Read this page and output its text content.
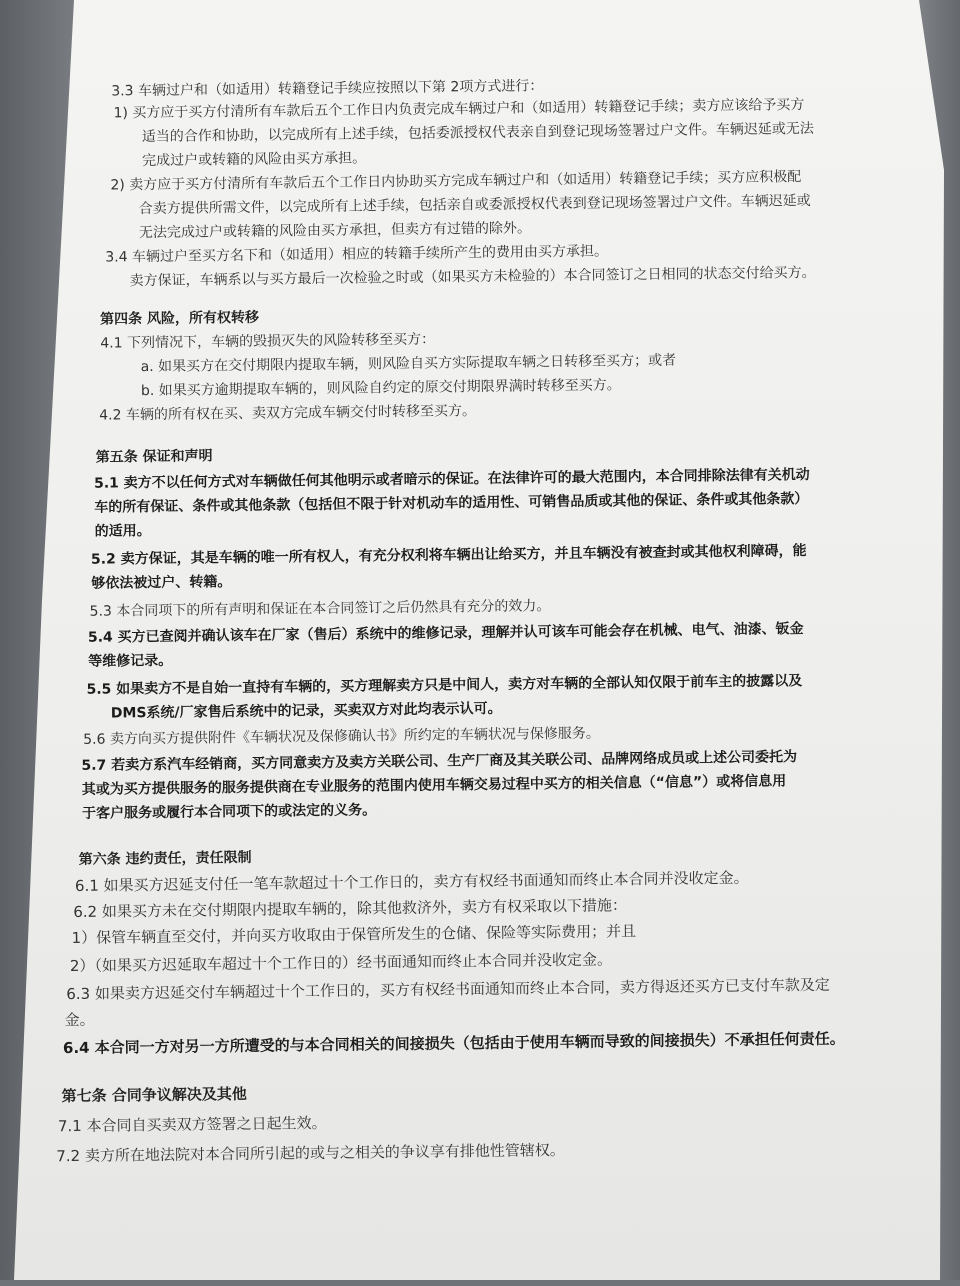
3.3 车辆过户和（如适用）转籍登记手续应按照以下第 2项方式进行：
1) 买方应于买方付清所有车款后五个工作日内负责完成车辆过户和（如适用）转籍登记手续；卖方应该给予买方
适当的合作和协助，以完成所有上述手续，包括委派授权代表亲自到登记现场签署过户文件。车辆迟延或无法
完成过户或转籍的风险由买方承担。
2) 卖方应于买方付清所有车款后五个工作日内协助买方完成车辆过户和（如适用）转籍登记手续；买方应积极配
合卖方提供所需文件，以完成所有上述手续，包括亲自或委派授权代表到登记现场签署过户文件。车辆迟延或
无法完成过户或转籍的风险由买方承担，但卖方有过错的除外。
3.4 车辆过户至买方名下和（如适用）相应的转籍手续所产生的费用由买方承担。
卖方保证，车辆系以与买方最后一次检验之时或（如果买方未检验的）本合同签订之日相同的状态交付给买方。
第四条 风险，所有权转移
4.1 下列情况下，车辆的毁损灭失的风险转移至买方：
a. 如果买方在交付期限内提取车辆，则风险自买方实际提取车辆之日转移至买方；或者
b. 如果买方逾期提取车辆的，则风险自约定的原交付期限界满时转移至买方。
4.2 车辆的所有权在买、卖双方完成车辆交付时转移至买方。
第五条 保证和声明
5.1 卖方不以任何方式对车辆做任何其他明示或者暗示的保证。在法律许可的最大范围内，本合同排除法律有关机动
车的所有保证、条件或其他条款（包括但不限于针对机动车的适用性、可销售品质或其他的保证、条件或其他条款）
的适用。
5.2 卖方保证，其是车辆的唯一所有权人，有充分权利将车辆出让给买方，并且车辆没有被查封或其他权利障碍，能
够依法被过户、转籍。
5.3 本合同项下的所有声明和保证在本合同签订之后仍然具有充分的效力。
5.4 买方已查阅并确认该车在厂家（售后）系统中的维修记录，理解并认可该车可能会存在机械、电气、油漆、钣金
等维修记录。
5.5 如果卖方不是自始一直持有车辆的，买方理解卖方只是中间人，卖方对车辆的全部认知仅限于前车主的披露以及
DMS系统/厂家售后系统中的记录，买卖双方对此均表示认可。
5.6 卖方向买方提供附件《车辆状况及保修确认书》所约定的车辆状况与保修服务。
5.7 若卖方系汽车经销商，买方同意卖方及卖方关联公司、生产厂商及其关联公司、品牌网络成员或上述公司委托为
其或为买方提供服务的服务提供商在专业服务的范围内使用车辆交易过程中买方的相关信息（“信息”）或将信息用
于客户服务或履行本合同项下的或法定的义务。
第六条 违约责任，责任限制
6.1 如果买方迟延支付任一笔车款超过十个工作日的，卖方有权经书面通知而终止本合同并没收定金。
6.2 如果买方未在交付期限内提取车辆的，除其他救济外，卖方有权采取以下措施：
1）保管车辆直至交付，并向买方收取由于保管所发生的仓储、保险等实际费用；并且
2）（如果买方迟延取车超过十个工作日的）经书面通知而终止本合同并没收定金。
6.3 如果卖方迟延交付车辆超过十个工作日的，买方有权经书面通知而终止本合同，卖方得返还买方已支付车款及定
金。
6.4 本合同一方对另一方所遭受的与本合同相关的间接损失（包括由于使用车辆而导致的间接损失）不承担任何责任。
第七条 合同争议解决及其他
7.1 本合同自买卖双方签署之日起生效。
7.2 卖方所在地法院对本合同所引起的或与之相关的争议享有排他性管辖权。
